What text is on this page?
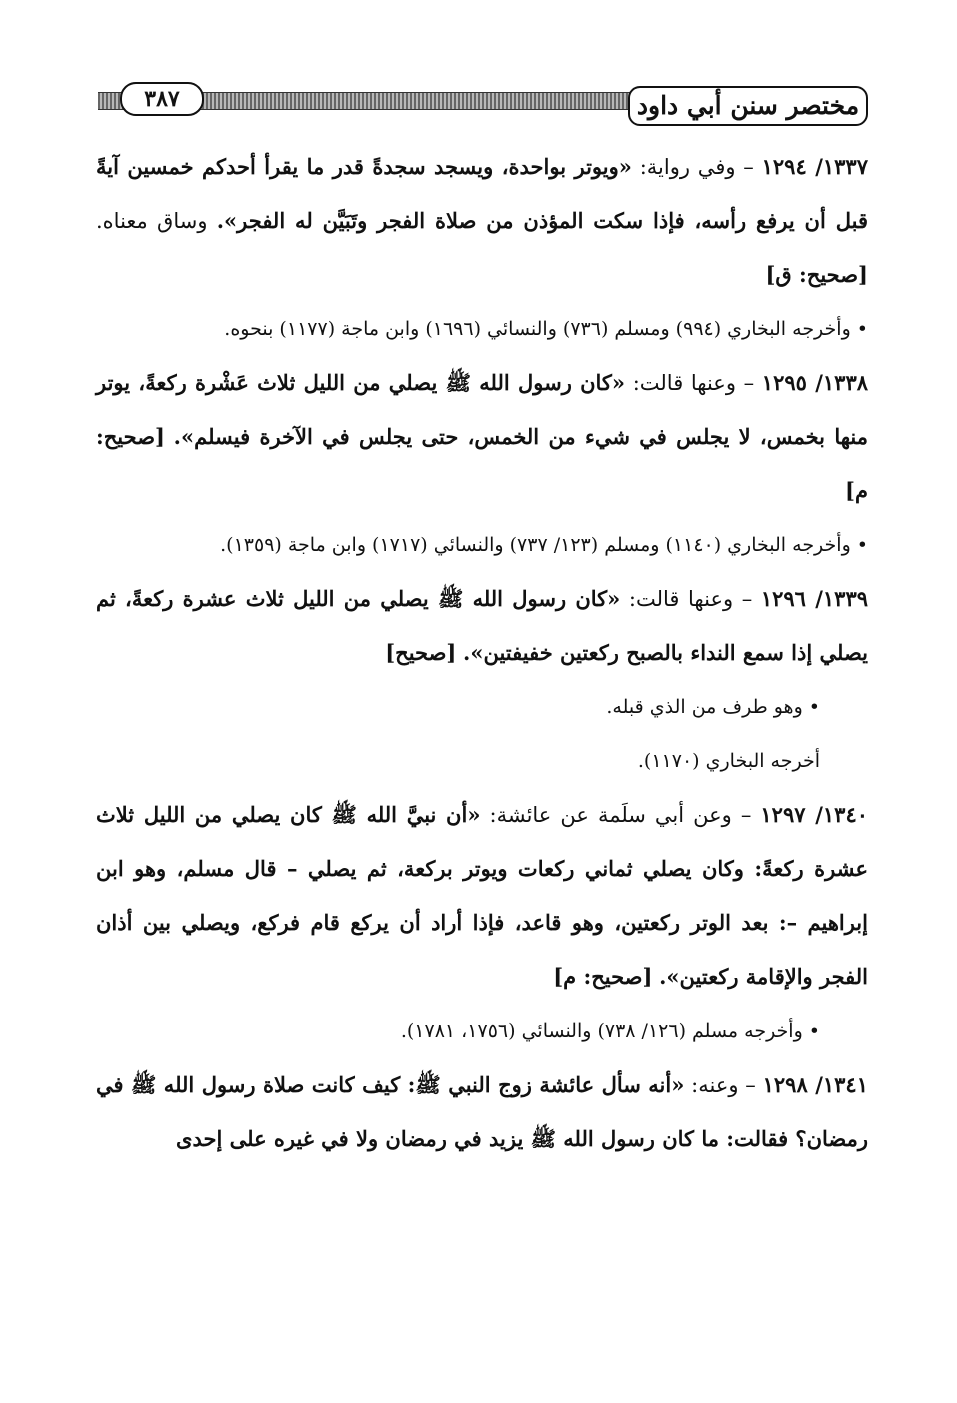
٣٨٧	مختصر سنن أبي داود

١٣٣٧/ ١٢٩٤ – وفي رواية: «ويوتر بواحدة، ويسجد سجدةً قدر ما يقرأ أحدكم خمسين آيةً قبل أن يرفع رأسه، فإذا سكت المؤذن من صلاة الفجر وتَبَيَّن له الفجر». وساق معناه. [صحيح: ق]

• وأخرجه البخاري (٩٩٤) ومسلم (٧٣٦) والنسائي (١٦٩٦) وابن ماجة (١١٧٧) بنحوه.

١٣٣٨/ ١٢٩٥ – وعنها قالت: «كان رسول الله ﷺ يصلي من الليل ثلاث عَشْرة ركعةً، يوتر منها بخمس، لا يجلس في شيء من الخمس، حتى يجلس في الآخرة فيسلم». [صحيح: م]

• وأخرجه البخاري (١١٤٠) ومسلم (١٢٣/ ٧٣٧) والنسائي (١٧١٧) وابن ماجة (١٣٥٩).

١٣٣٩/ ١٢٩٦ – وعنها قالت: «كان رسول الله ﷺ يصلي من الليل ثلاث عشرة ركعةً، ثم يصلي إذا سمع النداء بالصبح ركعتين خفيفتين». [صحيح]

• وهو طرف من الذي قبله.

أخرجه البخاري (١١٧٠).

١٣٤٠/ ١٢٩٧ – وعن أبي سلَمة عن عائشة: «أن نبيَّ الله ﷺ كان يصلي من الليل ثلاث عشرة ركعةً: وكان يصلي ثماني ركعات ويوتر بركعة، ثم يصلي – قال مسلم، وهو ابن إبراهيم –: بعد الوتر ركعتين، وهو قاعد، فإذا أراد أن يركع قام فركع، ويصلي بين أذان الفجر والإقامة ركعتين». [صحيح: م]

• وأخرجه مسلم (١٢٦/ ٧٣٨) والنسائي (١٧٥٦، ١٧٨١).

١٣٤١/ ١٢٩٨ – وعنه: «أنه سأل عائشة زوج النبي ﷺ: كيف كانت صلاة رسول الله ﷺ في رمضان؟ فقالت: ما كان رسول الله ﷺ يزيد في رمضان ولا في غيره على إحدى
